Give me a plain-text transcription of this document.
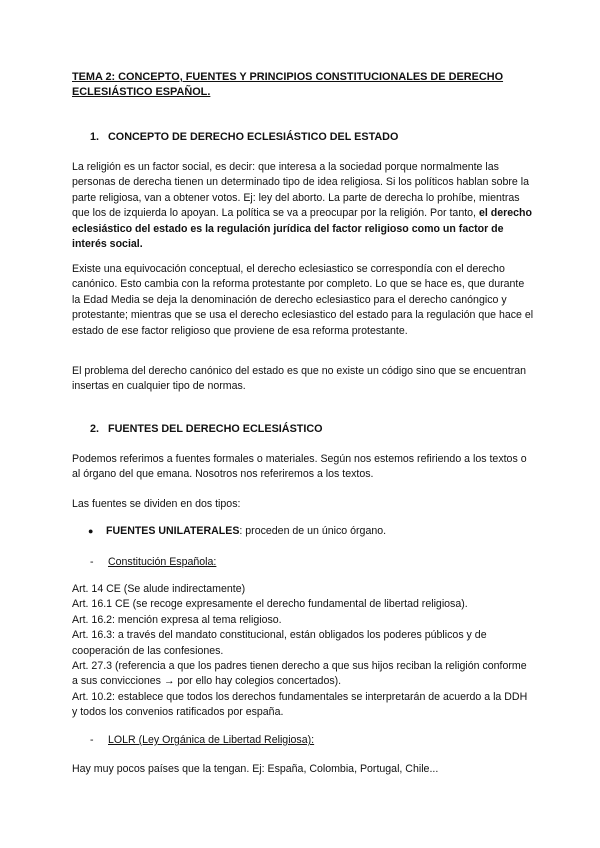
TEMA 2: CONCEPTO, FUENTES Y PRINCIPIOS CONSTITUCIONALES DE DERECHO ECLESIÁSTICO ESPAÑOL.

1. CONCEPTO DE DERECHO ECLESIÁSTICO DEL ESTADO

La religión es un factor social, es decir: que interesa a la sociedad porque normalmente las personas de derecha tienen un determinado tipo de idea religiosa. Si los políticos hablan sobre la parte religiosa, van a obtener votos. Ej: ley del aborto. La parte de derecha lo prohíbe, mientras que los de izquierda lo apoyan. La política se va a preocupar por la religión. Por tanto, el derecho eclesiástico del estado es la regulación jurídica del factor religioso como un factor de interés social.

Existe una equivocación conceptual, el derecho eclesiastico se correspondía con el derecho canónico. Esto cambia con la reforma protestante por completo. Lo que se hace es, que durante la Edad Media se deja la denominación de derecho eclesiastico para el derecho canóngico y protestante; mientras que se usa el derecho eclesiastico del estado para la regulación que hace el estado de ese factor religioso que proviene de esa reforma protestante.

El problema del derecho canónico del estado es que no existe un código sino que se encuentran insertas en cualquier tipo de normas.

2. FUENTES DEL DERECHO ECLESIÁSTICO

Podemos referimos a fuentes formales o materiales. Según nos estemos refiriendo a los textos o al órgano del que emana. Nosotros nos referiremos a los textos.

Las fuentes se dividen en dos tipos:

● FUENTES UNILATERALES: proceden de un único órgano.

- Constitución Española:

Art. 14 CE (Se alude indirectamente)
Art. 16.1 CE (se recoge expresamente el derecho fundamental de libertad religiosa).
Art. 16.2: mención expresa al tema religioso.
Art. 16.3: a través del mandato constitucional, están obligados los poderes públicos y de cooperación de las confesiones.
Art. 27.3 (referencia a que los padres tienen derecho a que sus hijos reciban la religión conforme a sus convicciones → por ello hay colegios concertados).
Art. 10.2: establece que todos los derechos fundamentales se interpretarán de acuerdo a la DDH y todos los convenios ratificados por españa.

- LOLR (Ley Orgánica de Libertad Religiosa):

Hay muy pocos países que la tengan. Ej: España, Colombia, Portugal, Chile...
